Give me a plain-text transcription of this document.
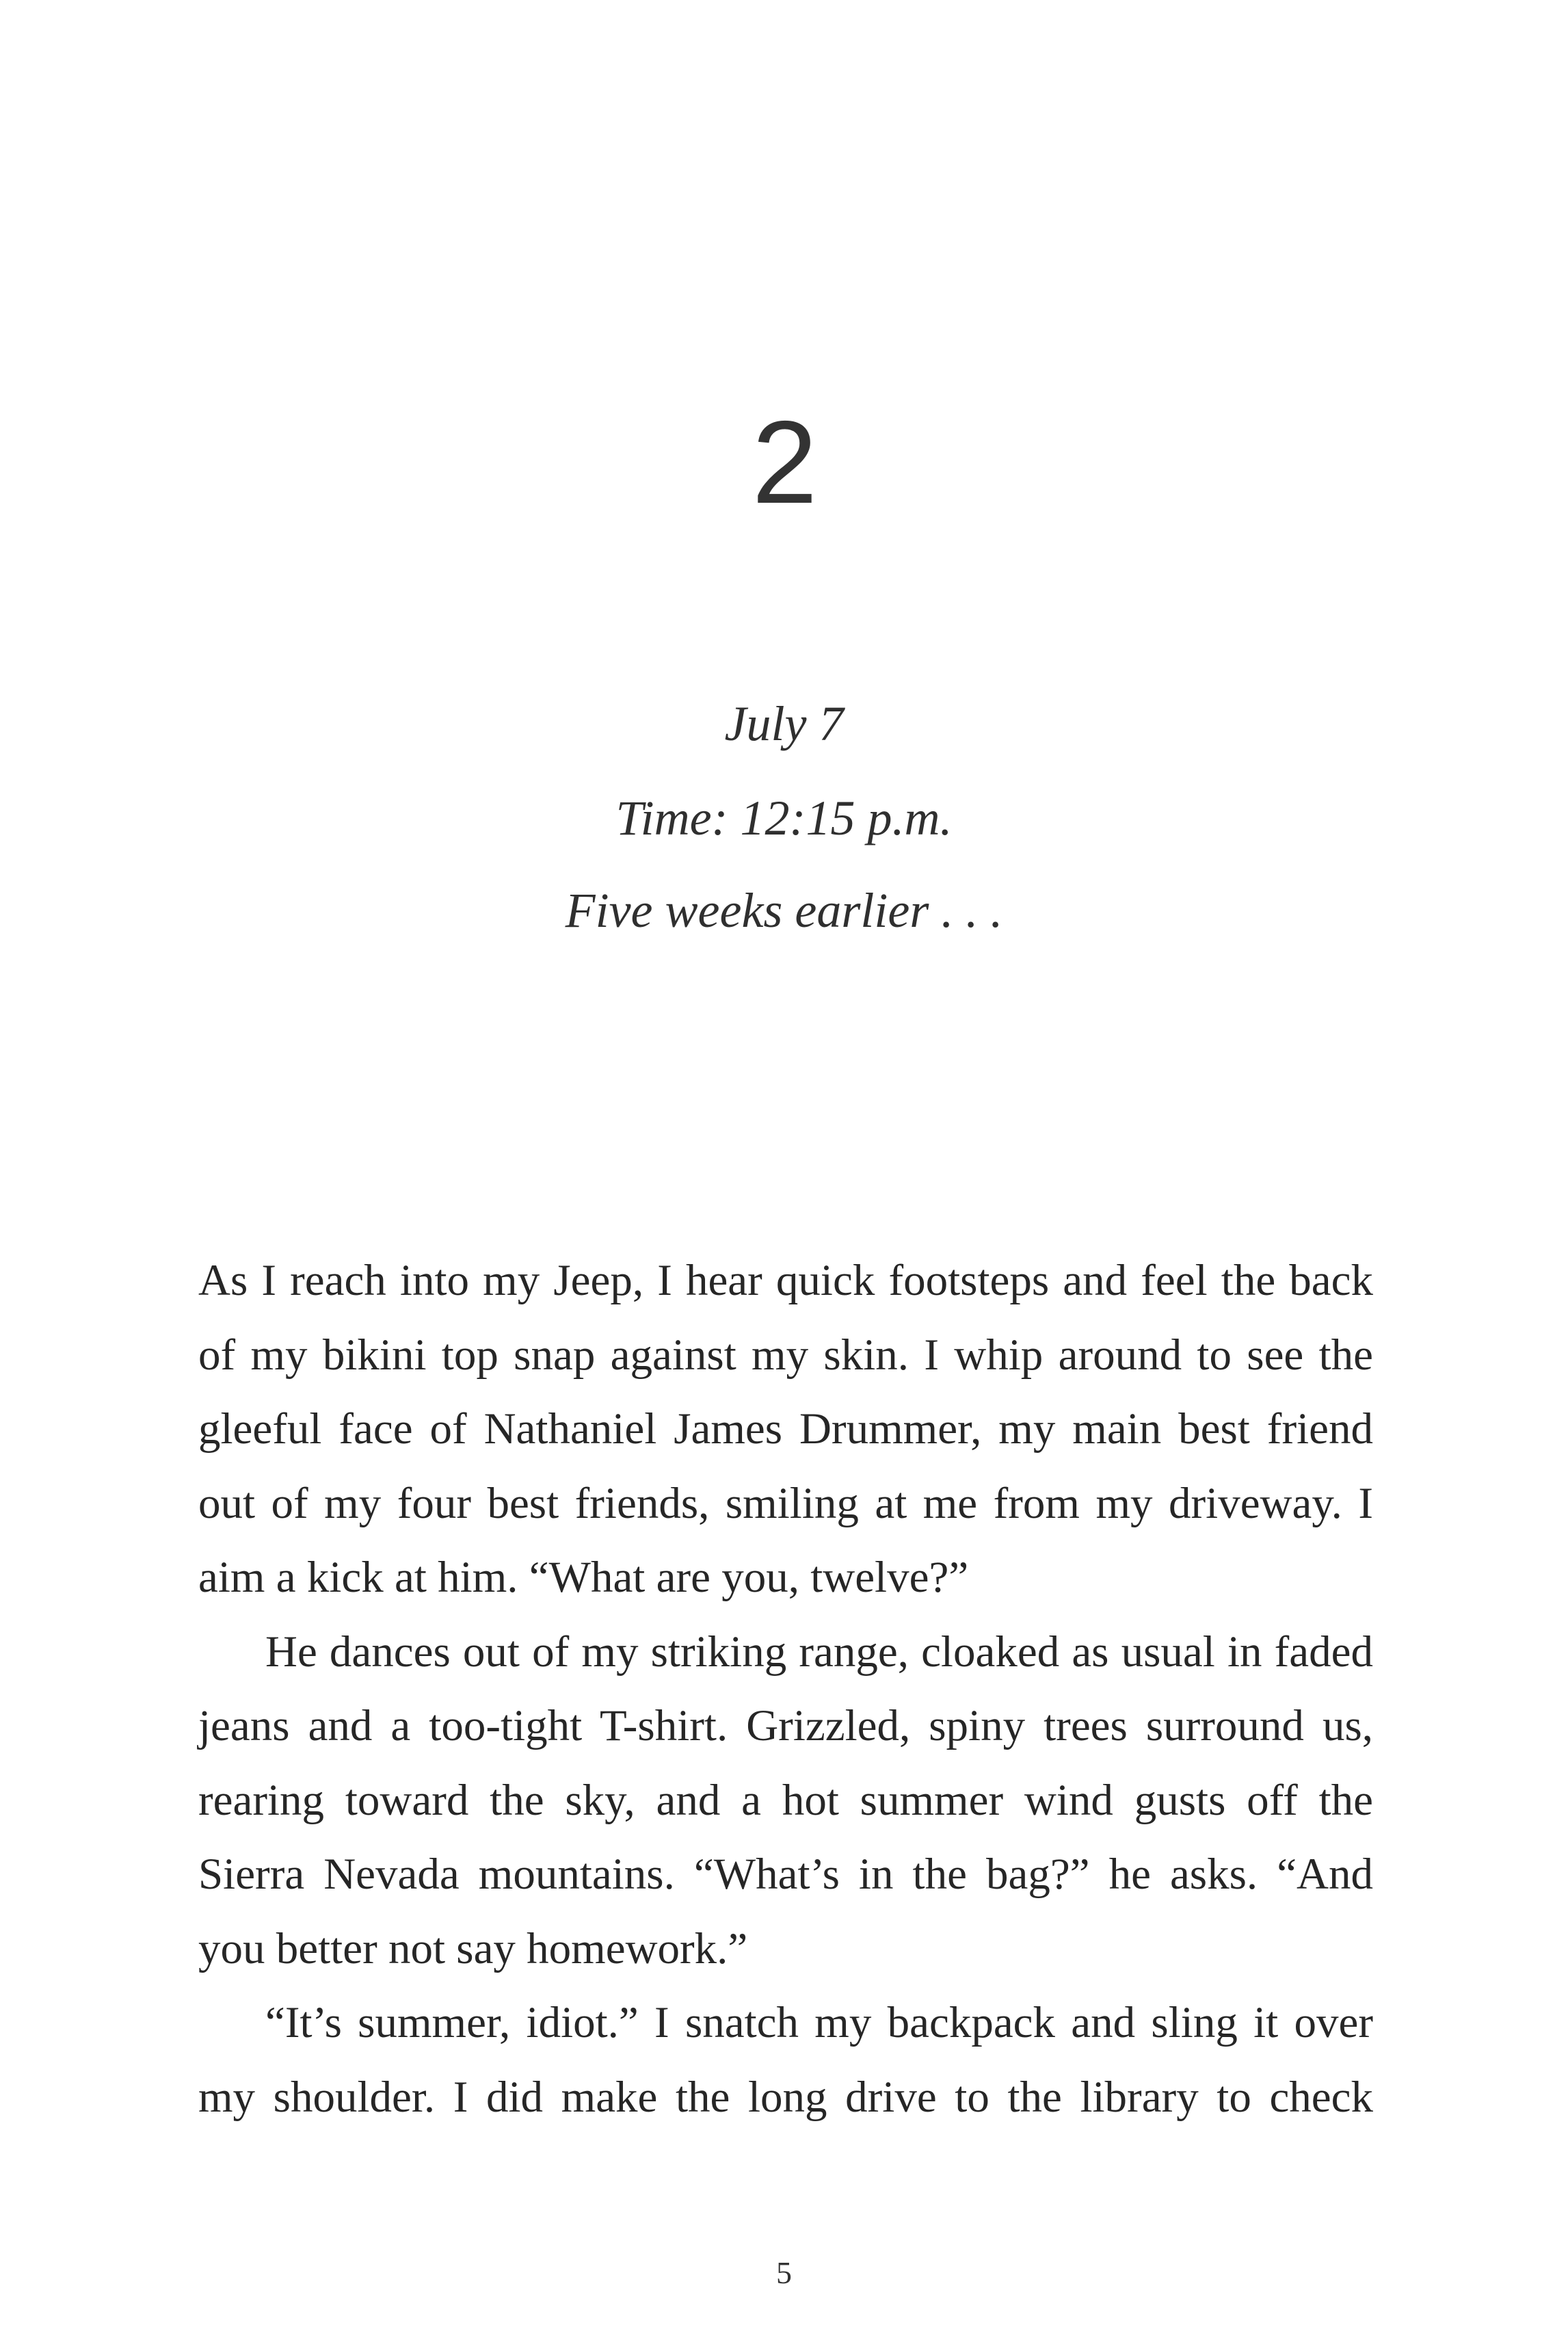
2
July 7
Time: 12:15 p.m.
Five weeks earlier . . .

As I reach into my Jeep, I hear quick footsteps and feel the back of my bikini top snap against my skin. I whip around to see the gleeful face of Nathaniel James Drummer, my main best friend out of my four best friends, smiling at me from my driveway. I aim a kick at him. “What are you, twelve?”

He dances out of my striking range, cloaked as usual in faded jeans and a too-tight T-shirt. Grizzled, spiny trees surround us, rearing toward the sky, and a hot summer wind gusts off the Sierra Nevada mountains. “What’s in the bag?” he asks. “And you better not say homework.”

“It’s summer, idiot.” I snatch my backpack and sling it over my shoulder. I did make the long drive to the library to check

5
